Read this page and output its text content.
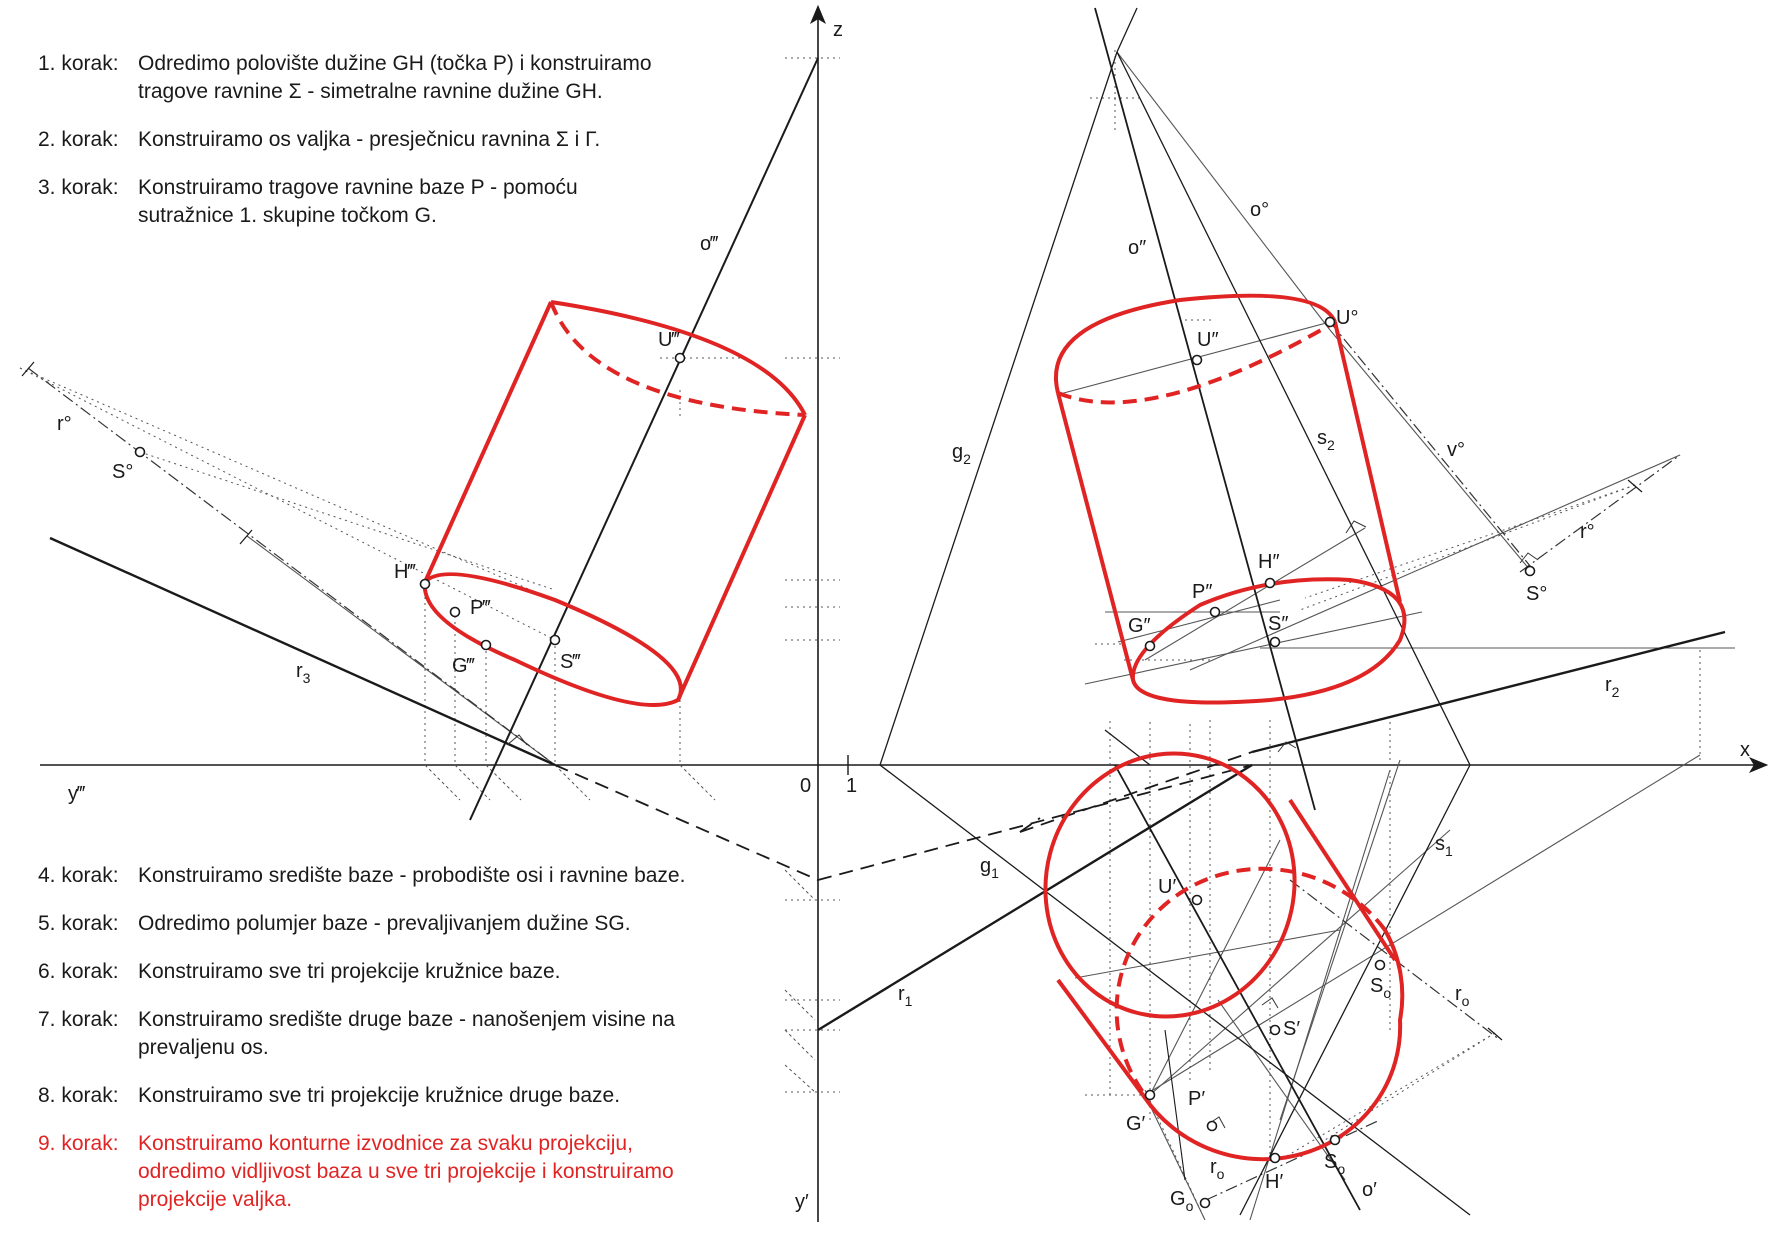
z
x
y‴
y′
0 1
o‴	o″
o°
o′
v°
r°
r°
$r_3$	$r_2$
$r_1$
$g_2$
$g_1$
$s_2$
$s_1$
$r_o$
$r_o$
U‴
S°
H‴
P‴
G‴	S‴
U″
U°
S°
H″
P″
G″	S″
U′
S′
$S_o$
P′
G′
H′
$S_o$
$G_o$
1. korak: Odredimo polovište dužine GH (točka P) i konstruiramo
tragove ravnine Σ - simetralne ravnine dužine GH.
2. korak: Konstruiramo os valjka - presječnicu ravnina Σ i Γ.
3. korak: Konstruiramo tragove ravnine baze Ρ - pomoću
sutražnice 1. skupine točkom G.
4. korak: Konstruiramo središte baze - probodište osi i ravnine baze.
5. korak: Odredimo polumjer baze - prevaljivanjem dužine SG.
6. korak: Konstruiramo sve tri projekcije kružnice baze.
7. korak: Konstruiramo središte druge baze - nanošenjem visine na
prevaljenu os.
8. korak: Konstruiramo sve tri projekcije kružnice druge baze.
9. korak: Konstruiramo konturne izvodnice za svaku projekciju,
odredimo vidljivost baza u sve tri projekcije i konstruiramo
projekcije valjka.
